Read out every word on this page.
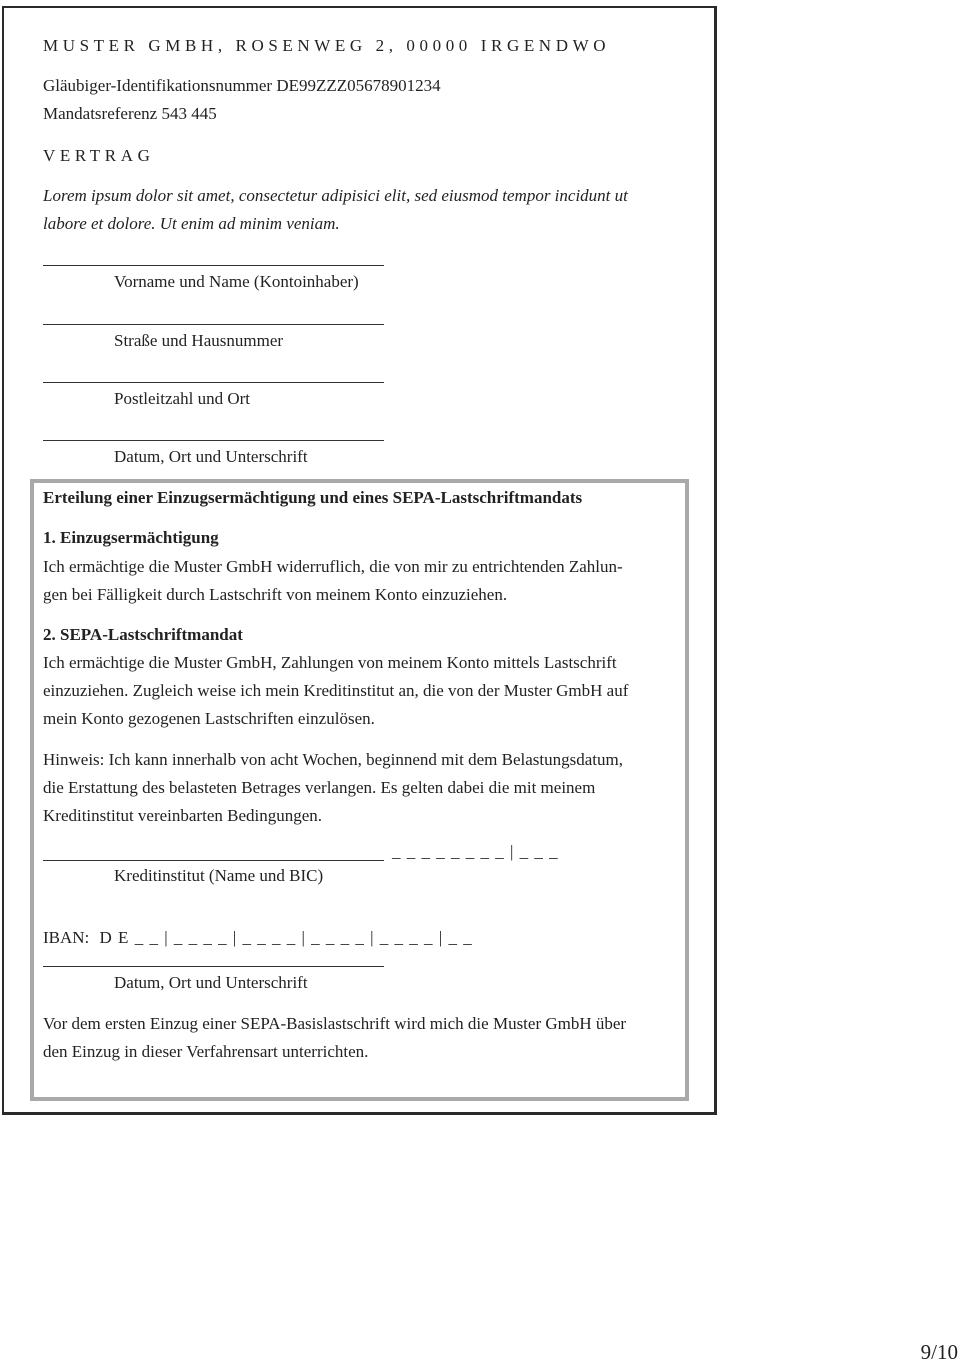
MUSTER GMBH, ROSENWEG 2, 00000 IRGENDWO

Gläubiger-Identifikationsnummer DE99ZZZ05678901234

Mandatsreferenz 543 445

VERTRAG

Lorem ipsum dolor sit amet, consectetur adipisici elit, sed eiusmod tempor incidunt ut

labore et dolore. Ut enim ad minim veniam.

Vorname und Name (Kontoinhaber)
Straße und Hausnummer
Postleitzahl und Ort
Datum, Ort und Unterschrift

Erteilung einer Einzugsermächtigung und eines SEPA-Lastschriftmandats

1. Einzugsermächtigung

Ich ermächtige die Muster GmbH widerruflich, die von mir zu entrichtenden Zahlun-

gen bei Fälligkeit durch Lastschrift von meinem Konto einzuziehen.

2. SEPA-Lastschriftmandat

Ich ermächtige die Muster GmbH, Zahlungen von meinem Konto mittels Lastschrift

einzuziehen. Zugleich weise ich mein Kreditinstitut an, die von der Muster GmbH auf

mein Konto gezogenen Lastschriften einzulösen.

Hinweis: Ich kann innerhalb von acht Wochen, beginnend mit dem Belastungsdatum,

die Erstattung des belasteten Betrages verlangen. Es gelten dabei die mit meinem

Kreditinstitut vereinbarten Bedingungen.

_ _ _ _ _ _ _ _ | _ _ _
Kreditinstitut (Name und BIC)
IBAN: D E _ _ | _ _ _ _ | _ _ _ _ | _ _ _ _ | _ _ _ _ | _ _
Datum, Ort und Unterschrift

Vor dem ersten Einzug einer SEPA-Basislastschrift wird mich die Muster GmbH über

den Einzug in dieser Verfahrensart unterrichten.

9/10
